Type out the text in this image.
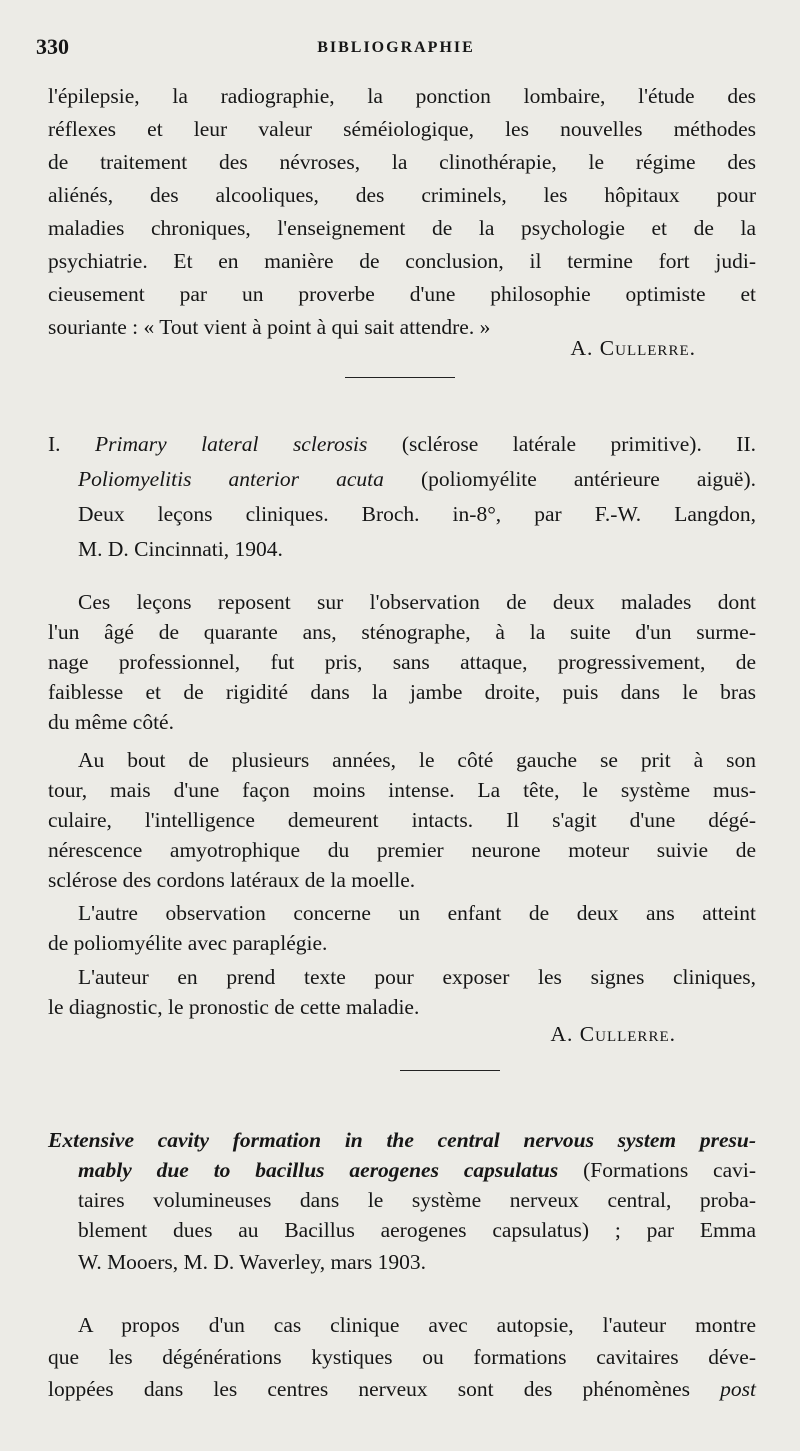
330	BIBLIOGRAPHIE
l'épilepsie, la radiographie, la ponction lombaire, l'étude des
réflexes et leur valeur séméiologique, les nouvelles méthodes
de traitement des névroses, la clinothérapie, le régime des
aliénés, des alcooliques, des criminels, les hôpitaux pour
maladies chroniques, l'enseignement de la psychologie et de la
psychiatrie. Et en manière de conclusion, il termine fort judi-
cieusement par un proverbe d'une philosophie optimiste et
souriante : « Tout vient à point à qui sait attendre. »
A. Cullerre.
I. Primary lateral sclerosis (sclérose latérale primitive). II.
Poliomyelitis anterior acuta (poliomyélite antérieure aiguë).
Deux leçons cliniques. Broch. in-8°, par F.-W. Langdon,
M. D. Cincinnati, 1904.
Ces leçons reposent sur l'observation de deux malades dont
l'un âgé de quarante ans, sténographe, à la suite d'un surme-
nage professionnel, fut pris, sans attaque, progressivement, de
faiblesse et de rigidité dans la jambe droite, puis dans le bras
du même côté.
Au bout de plusieurs années, le côté gauche se prit à son
tour, mais d'une façon moins intense. La tête, le système mus-
culaire, l'intelligence demeurent intacts. Il s'agit d'une dégé-
nérescence amyotrophique du premier neurone moteur suivie de
sclérose des cordons latéraux de la moelle.
L'autre observation concerne un enfant de deux ans atteint
de poliomyélite avec paraplégie.
L'auteur en prend texte pour exposer les signes cliniques,
le diagnostic, le pronostic de cette maladie.
A. Cullerre.
Extensive cavity formation in the central nervous system presu-
mably due to bacillus aerogenes capsulatus (Formations cavi-
taires volumineuses dans le système nerveux central, proba-
blement dues au Bacillus aerogenes capsulatus) ; par Emma
W. Mooers, M. D. Waverley, mars 1903.
A propos d'un cas clinique avec autopsie, l'auteur montre
que les dégénérations kystiques ou formations cavitaires déve-
loppées dans les centres nerveux sont des phénomènes post
